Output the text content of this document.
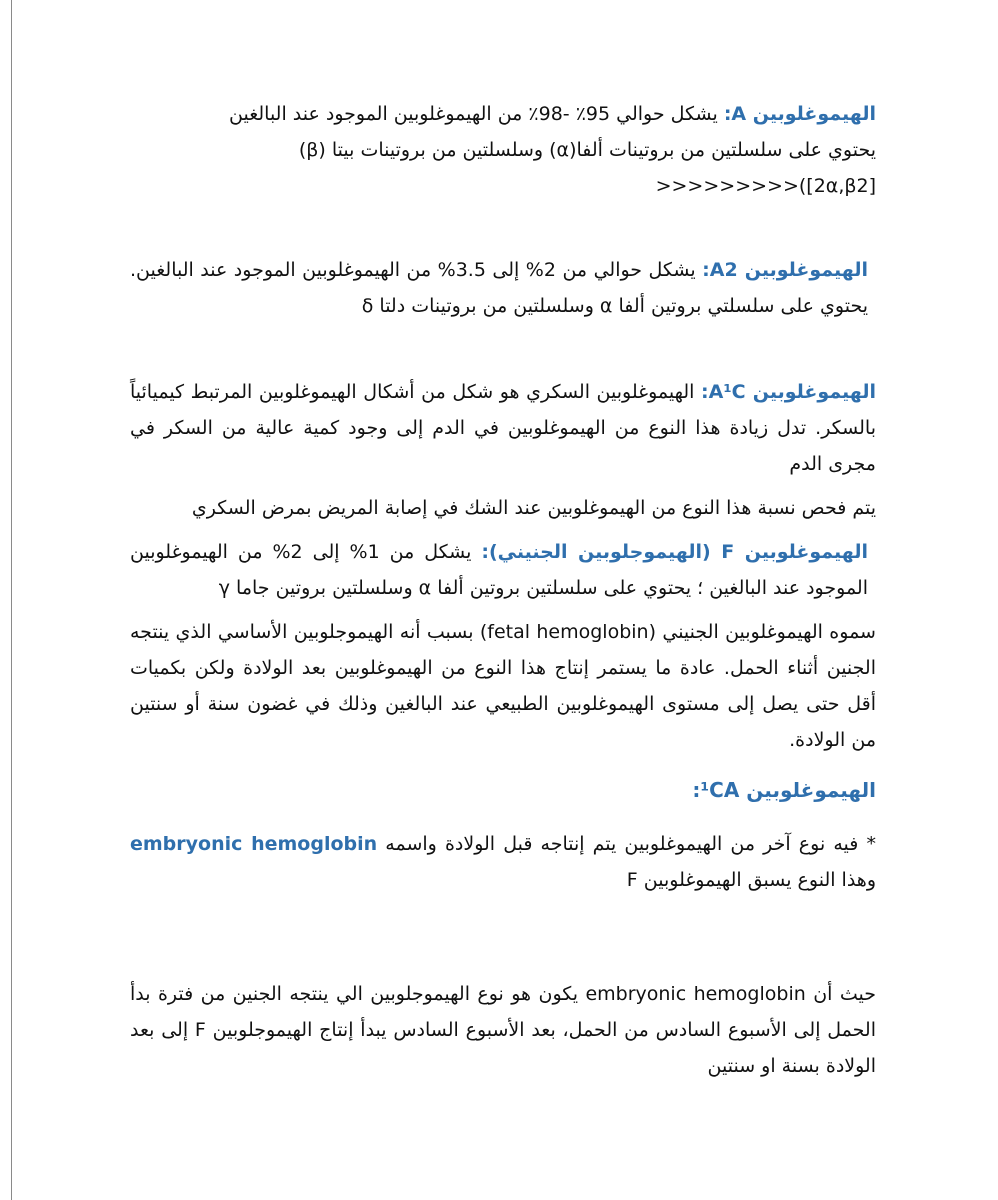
الهيموغلوبين A: يشكل حوالي 95٪ -98٪ من الهيموغلوبين الموجود عند البالغين
يحتوي على سلسلتين من بروتينات ألفا(α) وسلسلتين من بروتينات بيتا (β)
[2α,β2])<<<<<<<<<

الهيموغلوبين A2: يشكل حوالي من 2% إلى 3.5% من الهيموغلوبين الموجود عند البالغين. يحتوي على سلسلتي بروتين ألفا α وسلسلتين من بروتينات دلتا δ

الهيموغلوبين A¹C: الهيموغلوبين السكري هو شكل من أشكال الهيموغلوبين المرتبط كيميائياً بالسكر. تدل زيادة هذا النوع من الهيموغلوبين في الدم إلى وجود كمية عالية من السكر في مجرى الدم

يتم فحص نسبة هذا النوع من الهيموغلوبين عند الشك في إصابة المريض بمرض السكري

الهيموغلوبين F (الهيموجلوبين الجنيني): يشكل من 1% إلى 2% من الهيموغلوبين الموجود عند البالغين ؛ يحتوي على سلسلتين بروتين ألفا α وسلسلتين بروتين جاما γ

سموه الهيموغلوبين الجنيني (fetal hemoglobin) بسبب أنه الهيموجلوبين الأساسي الذي ينتجه الجنين أثناء الحمل. عادة ما يستمر إنتاج هذا النوع من الهيموغلوبين بعد الولادة ولكن بكميات أقل حتى يصل إلى مستوى الهيموغلوبين الطبيعي عند البالغين وذلك في غضون سنة أو سنتين من الولادة.

الهيموغلوبين ¹CA:

* فيه نوع آخر من الهيموغلوبين يتم إنتاجه قبل الولادة واسمه embryonic hemoglobin وهذا النوع يسبق الهيموغلوبين F

حيث أن embryonic hemoglobin يكون هو نوع الهيموجلوبين الي ينتجه الجنين من فترة بدأ الحمل إلى الأسبوع السادس من الحمل، بعد الأسبوع السادس يبدأ إنتاج الهيموجلوبين F إلى بعد الولادة بسنة او سنتين
